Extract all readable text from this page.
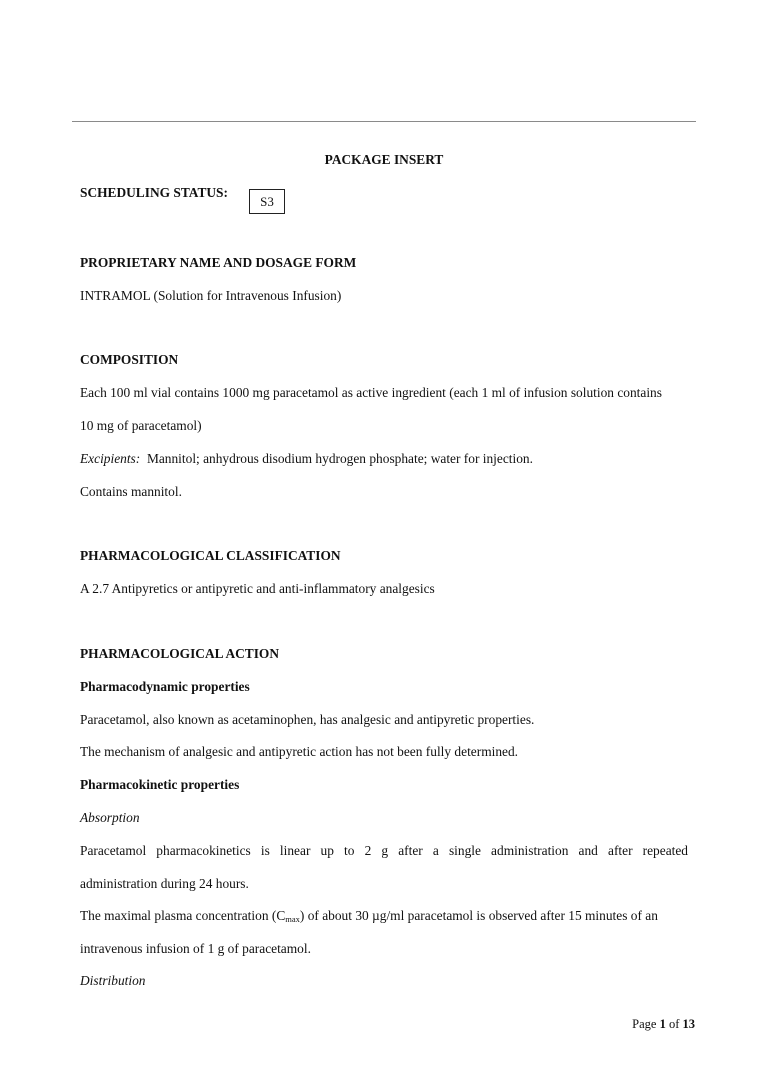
PACKAGE INSERT
SCHEDULING STATUS:
S3
PROPRIETARY NAME AND DOSAGE FORM
INTRAMOL (Solution for Intravenous Infusion)
COMPOSITION
Each 100 ml vial contains 1000 mg paracetamol as active ingredient (each 1 ml of infusion solution contains
10 mg of paracetamol)
Excipients: Mannitol; anhydrous disodium hydrogen phosphate; water for injection.
Contains mannitol.
PHARMACOLOGICAL CLASSIFICATION
A 2.7 Antipyretics or antipyretic and anti-inflammatory analgesics
PHARMACOLOGICAL ACTION
Pharmacodynamic properties
Paracetamol, also known as acetaminophen, has analgesic and antipyretic properties.
The mechanism of analgesic and antipyretic action has not been fully determined.
Pharmacokinetic properties
Absorption
Paracetamol pharmacokinetics is linear up to 2 g after a single administration and after repeated
administration during 24 hours.
The maximal plasma concentration $(C_{max})$ of about 30 µg/ml paracetamol is observed after 15 minutes of an
intravenous infusion of 1 g of paracetamol.
Distribution
Page 1 of 13
